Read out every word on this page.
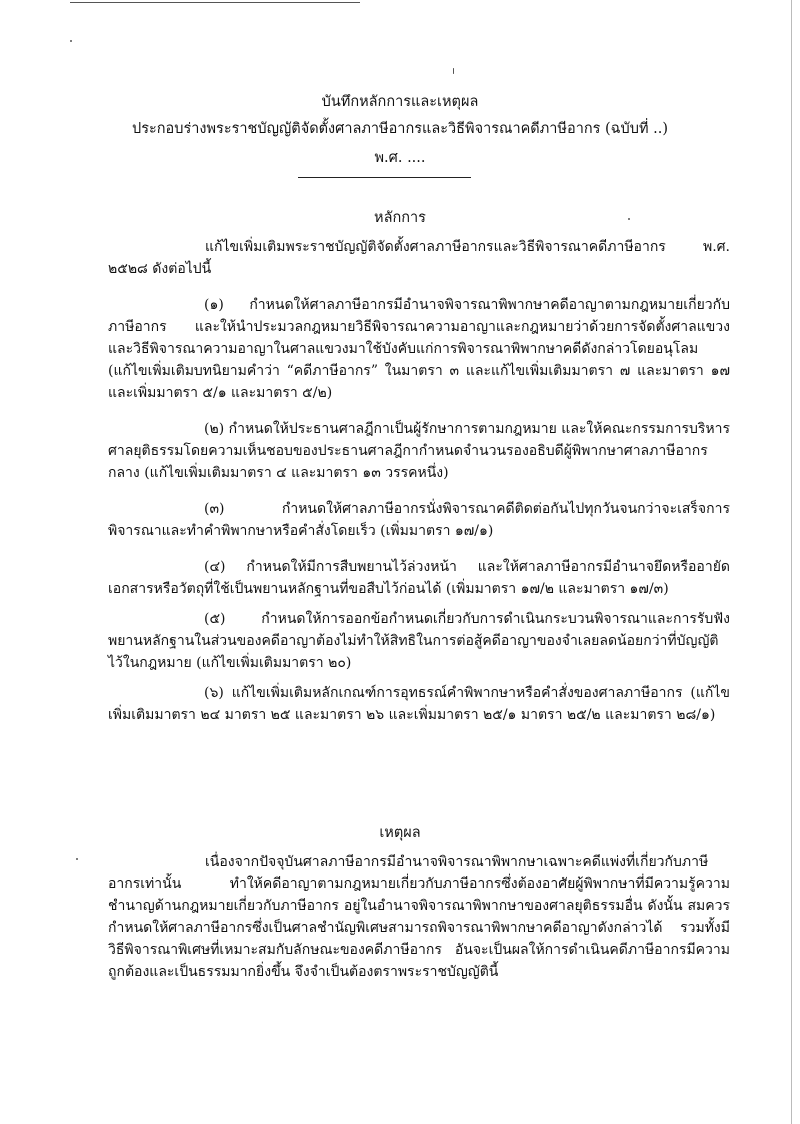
บันทึกหลักการและเหตุผล
ประกอบร่างพระราชบัญญัติจัดตั้งศาลภาษีอากรและวิธีพิจารณาคดีภาษีอากร (ฉบับที่ ..)
พ.ศ. ....
หลักการ

แก้ไขเพิ่มเติมพระราชบัญญัติจัดตั้งศาลภาษีอากรและวิธีพิจารณาคดีภาษีอากร พ.ศ. ๒๕๒๘ ดังต่อไปนี้

(๑) กำหนดให้ศาลภาษีอากรมีอำนาจพิจารณาพิพากษาคดีอาญาตามกฎหมายเกี่ยวกับภาษีอากร และให้นำประมวลกฎหมายวิธีพิจารณาความอาญาและกฎหมายว่าด้วยการจัดตั้งศาลแขวงและวิธีพิจารณาความอาญาในศาลแขวงมาใช้บังคับแก่การพิจารณาพิพากษาคดีดังกล่าวโดยอนุโลม (แก้ไขเพิ่มเติมบทนิยามคำว่า “คดีภาษีอากร” ในมาตรา ๓ และแก้ไขเพิ่มเติมมาตรา ๗ และมาตรา ๑๗ และเพิ่มมาตรา ๕/๑ และมาตรา ๕/๒)

(๒) กำหนดให้ประธานศาลฎีกาเป็นผู้รักษาการตามกฎหมาย และให้คณะกรรมการบริหารศาลยุติธรรมโดยความเห็นชอบของประธานศาลฎีกากำหนดจำนวนรองอธิบดีผู้พิพากษาศาลภาษีอากรกลาง (แก้ไขเพิ่มเติมมาตรา ๔ และมาตรา ๑๓ วรรคหนึ่ง)

(๓) กำหนดให้ศาลภาษีอากรนั่งพิจารณาคดีติดต่อกันไปทุกวันจนกว่าจะเสร็จการพิจารณาและทำคำพิพากษาหรือคำสั่งโดยเร็ว (เพิ่มมาตรา ๑๗/๑)

(๔) กำหนดให้มีการสืบพยานไว้ล่วงหน้า และให้ศาลภาษีอากรมีอำนาจยึดหรืออายัดเอกสารหรือวัตถุที่ใช้เป็นพยานหลักฐานที่ขอสืบไว้ก่อนได้ (เพิ่มมาตรา ๑๗/๒ และมาตรา ๑๗/๓)

(๕) กำหนดให้การออกข้อกำหนดเกี่ยวกับการดำเนินกระบวนพิจารณาและการรับฟังพยานหลักฐานในส่วนของคดีอาญาต้องไม่ทำให้สิทธิในการต่อสู้คดีอาญาของจำเลยลดน้อยกว่าที่บัญญัติไว้ในกฎหมาย (แก้ไขเพิ่มเติมมาตรา ๒๐)

(๖) แก้ไขเพิ่มเติมหลักเกณฑ์การอุทธรณ์คำพิพากษาหรือคำสั่งของศาลภาษีอากร (แก้ไขเพิ่มเติมมาตรา ๒๔ มาตรา ๒๕ และมาตรา ๒๖ และเพิ่มมาตรา ๒๕/๑ มาตรา ๒๕/๒ และมาตรา ๒๘/๑)

เหตุผล

เนื่องจากปัจจุบันศาลภาษีอากรมีอำนาจพิจารณาพิพากษาเฉพาะคดีแพ่งที่เกี่ยวกับภาษีอากรเท่านั้น ทำให้คดีอาญาตามกฎหมายเกี่ยวกับภาษีอากรซึ่งต้องอาศัยผู้พิพากษาที่มีความรู้ความชำนาญด้านกฎหมายเกี่ยวกับภาษีอากร อยู่ในอำนาจพิจารณาพิพากษาของศาลยุติธรรมอื่น ดังนั้น สมควรกำหนดให้ศาลภาษีอากรซึ่งเป็นศาลชำนัญพิเศษสามารถพิจารณาพิพากษาคดีอาญาดังกล่าวได้ รวมทั้งมีวิธีพิจารณาพิเศษที่เหมาะสมกับลักษณะของคดีภาษีอากร อันจะเป็นผลให้การดำเนินคดีภาษีอากรมีความถูกต้องและเป็นธรรมมากยิ่งขึ้น จึงจำเป็นต้องตราพระราชบัญญัตินี้
